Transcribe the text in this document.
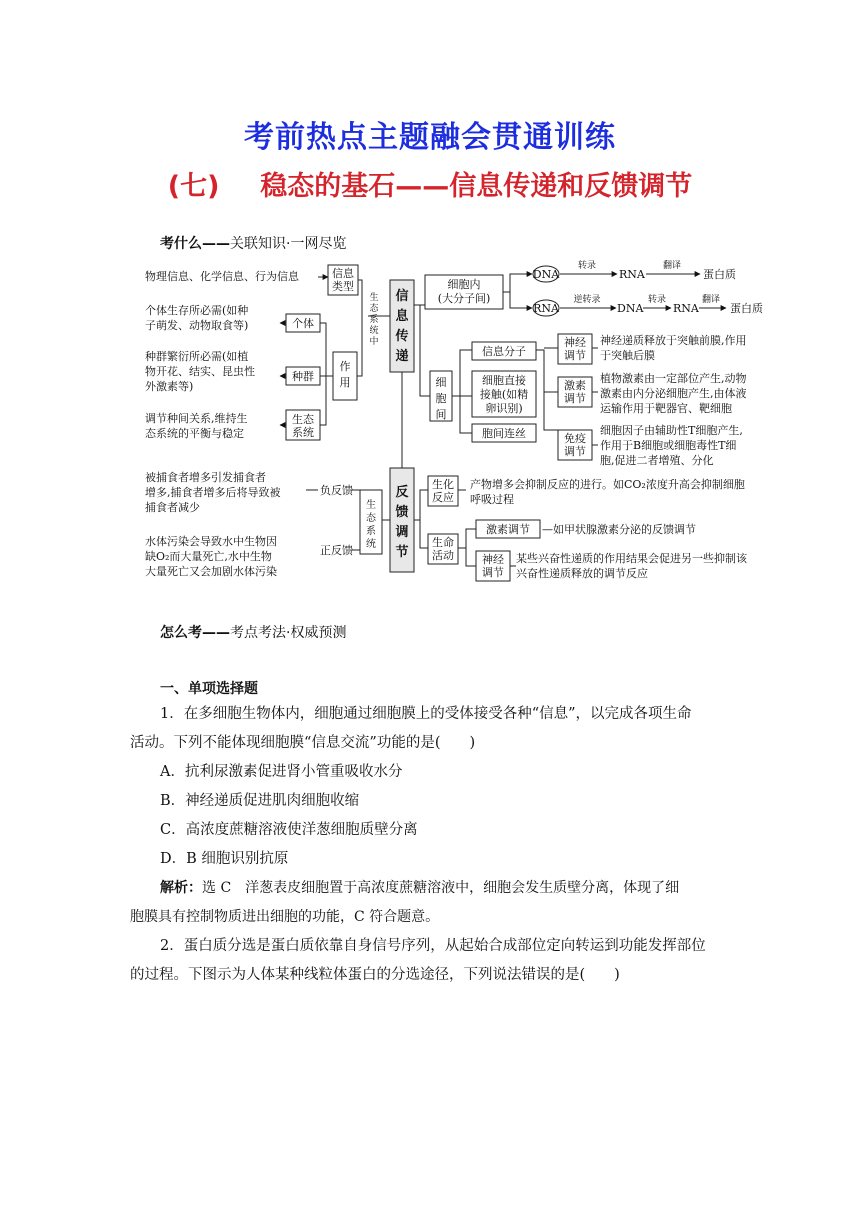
考前热点主题融会贯通训练
(七) 稳态的基石——信息传递和反馈调节
考什么——关联知识·一网尽览
物理信息、化学信息、行为信息	信息
类型
个体生存所必需(如种
子萌发、动物取食等)	个体
种群繁衍所必需(如植
物开花、结实、昆虫性
外激素等)
种群
调节种间关系,维持生
态系统的平衡与稳定
生态
系统
作
用
生
态
系
统
中
信
息
传
递
反
馈
调
节
细胞内
(大分子间)
DNA
转录
RNA
翻译
蛋白质
RNA
逆转录
DNA
转录
RNA
翻译
蛋白质
细
胞
间
信息分子
细胞直接
接触(如精
卵识别)
胞间连丝
神经
调节
神经递质释放于突触前膜,作用
于突触后膜
激素
调节
植物激素由一定部位产生,动物
激素由内分泌细胞产生,由体液
运输作用于靶器官、靶细胞
免疫
调节
细胞因子由辅助性T细胞产生,
作用于B细胞或细胞毒性T细
胞,促进二者增殖、分化
被捕食者增多引发捕食者
增多,捕食者增多后将导致被
捕食者减少
负反馈
水体污染会导致水中生物因
缺O₂而大量死亡,水中生物
大量死亡又会加剧水体污染
正反馈
生
态
系
统
生化
反应
产物增多会抑制反应的进行。如CO₂浓度升高会抑制细胞
呼吸过程
生命
活动
激素调节 —如甲状腺激素分泌的反馈调节
神经
调节
某些兴奋性递质的作用结果会促进另一些抑制该
兴奋性递质释放的调节反应
怎么考——考点考法·权威预测
一、单项选择题

1．在多细胞生物体内，细胞通过细胞膜上的受体接受各种“信息”，以完成各项生命

活动。下列不能体现细胞膜“信息交流”功能的是(　　)

A．抗利尿激素促进肾小管重吸收水分

B．神经递质促进肌肉细胞收缩

C．高浓度蔗糖溶液使洋葱细胞质壁分离

D．B 细胞识别抗原

解析：选 C　洋葱表皮细胞置于高浓度蔗糖溶液中，细胞会发生质壁分离，体现了细

胞膜具有控制物质进出细胞的功能，C 符合题意。

2．蛋白质分选是蛋白质依靠自身信号序列，从起始合成部位定向转运到功能发挥部位

的过程。下图示为人体某种线粒体蛋白的分选途径，下列说法错误的是(　　)
